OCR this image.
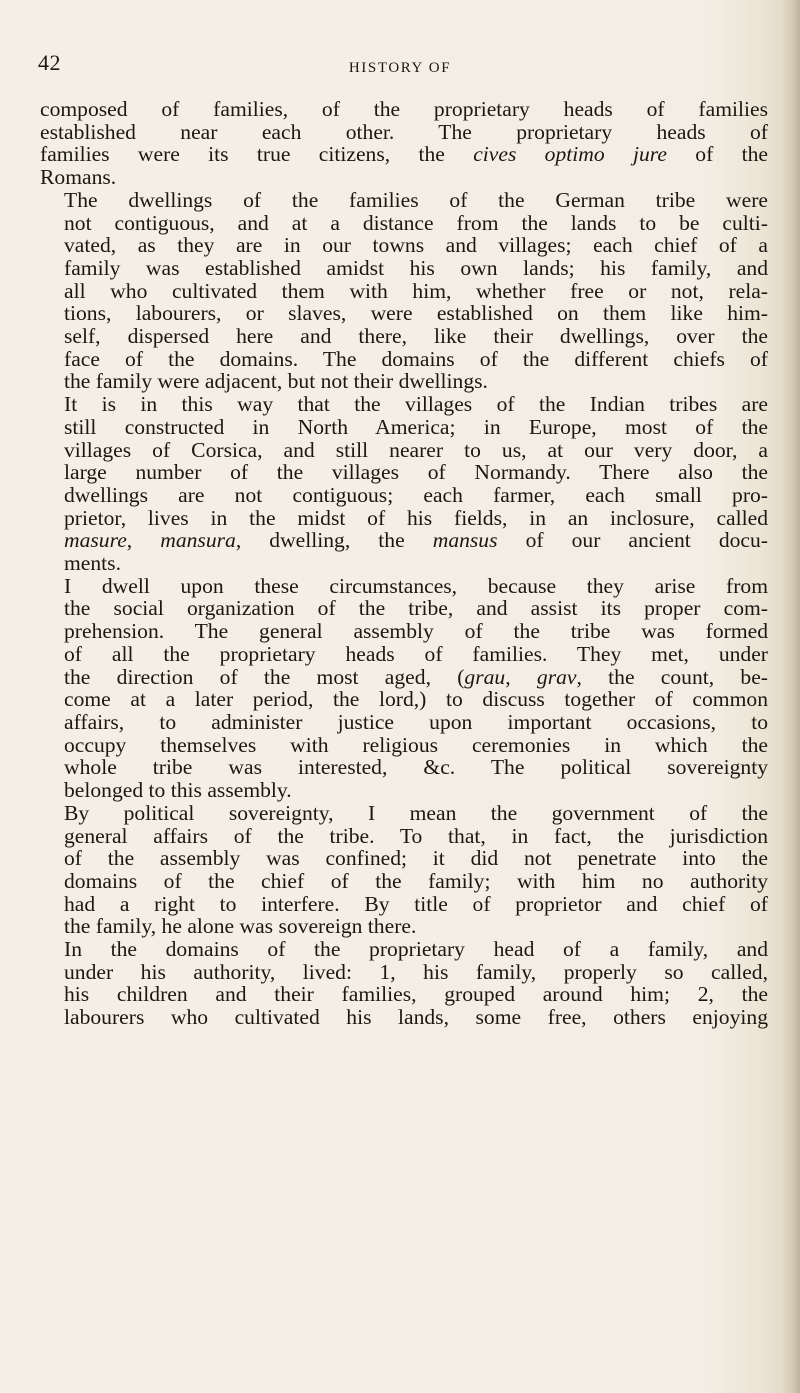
42	HISTORY OF

composed of families, of the proprietary heads of families
established near each other. The proprietary heads of
families were its true citizens, the cives optimo jure of the
Romans.

The dwellings of the families of the German tribe were
not contiguous, and at a distance from the lands to be culti-
vated, as they are in our towns and villages; each chief of a
family was established amidst his own lands; his family, and
all who cultivated them with him, whether free or not, rela-
tions, labourers, or slaves, were established on them like him-
self, dispersed here and there, like their dwellings, over the
face of the domains. The domains of the different chiefs of
the family were adjacent, but not their dwellings.

It is in this way that the villages of the Indian tribes are
still constructed in North America; in Europe, most of the
villages of Corsica, and still nearer to us, at our very door, a
large number of the villages of Normandy. There also the
dwellings are not contiguous; each farmer, each small pro-
prietor, lives in the midst of his fields, in an inclosure, called
masure, mansura, dwelling, the mansus of our ancient docu-
ments.

I dwell upon these circumstances, because they arise from
the social organization of the tribe, and assist its proper com-
prehension. The general assembly of the tribe was formed
of all the proprietary heads of families. They met, under
the direction of the most aged, (grau, grav, the count, be-
come at a later period, the lord,) to discuss together of common
affairs, to administer justice upon important occasions, to
occupy themselves with religious ceremonies in which the
whole tribe was interested, &c. The political sovereignty
belonged to this assembly.

By political sovereignty, I mean the government of the
general affairs of the tribe. To that, in fact, the jurisdiction
of the assembly was confined; it did not penetrate into the
domains of the chief of the family; with him no authority
had a right to interfere. By title of proprietor and chief of
the family, he alone was sovereign there.

In the domains of the proprietary head of a family, and
under his authority, lived: 1, his family, properly so called,
his children and their families, grouped around him; 2, the
labourers who cultivated his lands, some free, others enjoying
